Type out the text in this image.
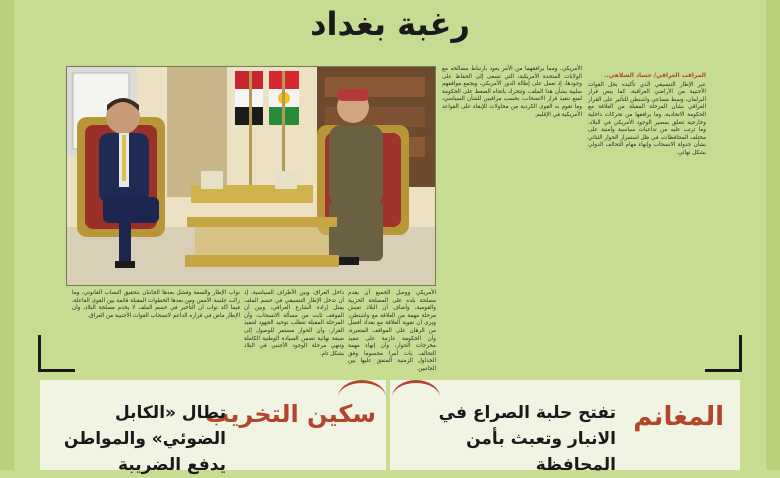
رغبة بغداد
المراقب العراقي/ حساد الشلاهي..
عبر الإطار التنسيقي الذي تأكيده بحل القوات الأجنبية من الأراضي العراقية، كما ينص قرار البرلمان، وسط مساعي واشنطن للتأثير على القرار العراقي بشأن المرحلة المقبلة من العلاقة مع الحكومة الاتحادية، وما يرافقها من تحركات داخلية وخارجية تتعلق بمصير الوجود الأمريكي في البلاد، وما ترتب عليه من تداعيات سياسية وأمنية على مختلف المحافظات، في ظل استمرار الحوار الثنائي بشأن جدولة الانسحاب وإنهاء مهام التحالف الدولي بشكل نهائي.
الأمريكي، ومما يرافقهما من الأمر يعود بارتباط مصالحه مع الولايات المتحدة الأمريكية، التي تسعى إلى الحفاظ على وجودها، إذ تعمل على إطالة الدور الأمريكي، ويجمع مواقفهم سلبية بشأن هذا الملف، وتتحرك باتجاه الضغط على الحكومة لمنع تنفيذ قرار الانسحاب، بحسب مراقبين للشأن السياسي، وما تقوم به القوى الكردية من محاولات للإبقاء على القواعد الأمريكية في الإقليم.
الأمريكي ووصل الجميع أن يقدم مصلحة بلده على المصلحة الحزبية والقومية، وأضاف أن البلاد تعيش مرحلة مهمة من العلاقة مع واشنطن، ويرى أن تقوية العلاقة مع بغداد أفضل من الرهان على المواقف المتغيرة، وأن الحكومة عازمة على تنفيذ مخرجات الحوار، وأن إنهاء مهمة التحالف بات أمرا محسوما وفق الجداول الزمنية المتفق عليها بين الجانبين.
داخل العراق، وبين الأطراف السياسية، إذ أن تدخل الإطار التنسيقي في حسم الملف يمثل إرادة الشارع العراقي، وبين أن الموقف ثابت من مسألة الانسحاب، وأن المرحلة المقبلة تتطلب توحيد الجهود لتنفيذ القرار، وأن الحوار مستمر للوصول إلى صيغة نهائية تضمن السيادة الوطنية الكاملة وتنهي مرحلة الوجود الأجنبي في البلاد بشكل تام.
نواب الإطار والسعة وفشل بعدها الجانبان بتحقيق النصاب القانوني، وما زالت جلسة الأمس ومن بعدها الخطوات المقبلة قائمة بين القوى الفاعلة، فيما أكد نواب أن التأخير في حسم الملف لا يخدم مصلحة البلاد، وأن الإطار ماض في قراره الداعم لانسحاب القوات الأجنبية من العراق.
المغانم
تفتح حلبة الصراع في الانبار وتعبث بأمن المحافظة
سكين التخريب
تطال «الكابل الضوئي» والمواطن يدفع الضريبة
